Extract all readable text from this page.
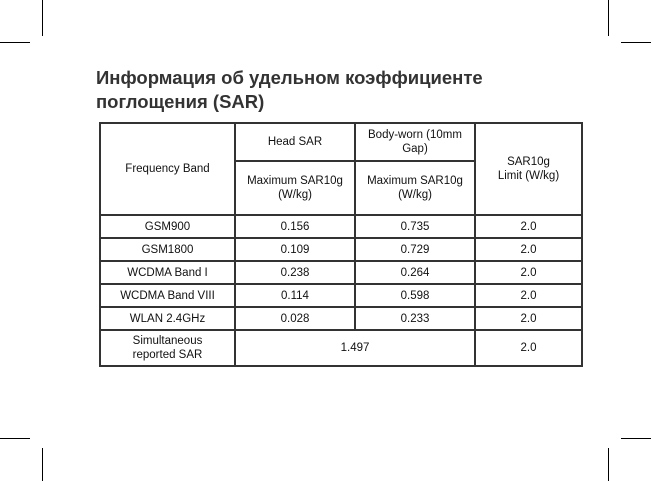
Информация об удельном коэффициенте
поглощения (SAR)
Frequency Band	Head SAR	Body-worn (10mm Gap)	SAR10g Limit (W/kg)
	Maximum SAR10g (W/kg)	Maximum SAR10g (W/kg)	
GSM900	0.156	0.735	2.0
GSM1800	0.109	0.729	2.0
WCDMA Band I	0.238	0.264	2.0
WCDMA Band VIII	0.114	0.598	2.0
WLAN 2.4GHz	0.028	0.233	2.0
Simultaneous reported SAR	1.497		2.0
